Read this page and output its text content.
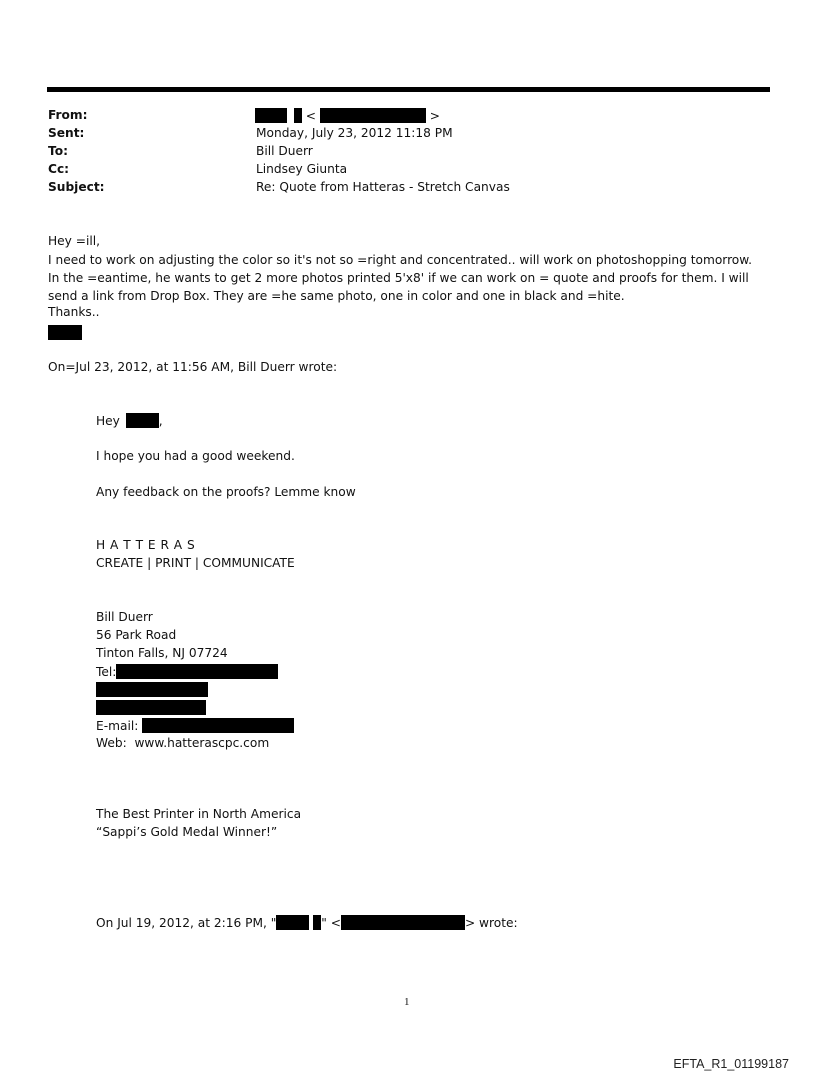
From:	<	>
Sent:	Monday, July 23, 2012 11:18 PM
To:	Bill Duerr
Cc:	Lindsey Giunta
Subject:	Re: Quote from Hatteras - Stretch Canvas
Hey =ill,
I need to work on adjusting the color so it's not so =right and concentrated.. will work on photoshopping tomorrow. In the =eantime, he wants to get 2 more photos printed 5'x8' if we can work on = quote and proofs for them. I will send a link from Drop Box. They are =he same photo, one in color and one in black and =hite.
Thanks..
On=Jul 23, 2012, at 11:56 AM, Bill Duerr wrote:
Hey	,
I hope you had a good weekend.
Any feedback on the proofs? Lemme know
H A T T E R A S
CREATE | PRINT | COMMUNICATE
Bill Duerr
56 Park Road
Tinton Falls, NJ 07724
Tel:
E-mail:
Web: www.hatterascpc.com
The Best Printer in North America
“Sappi’s Gold Medal Winner!”
On Jul 19, 2012, at 2:16 PM, "	" <	> wrote:
1
EFTA_R1_01199187
